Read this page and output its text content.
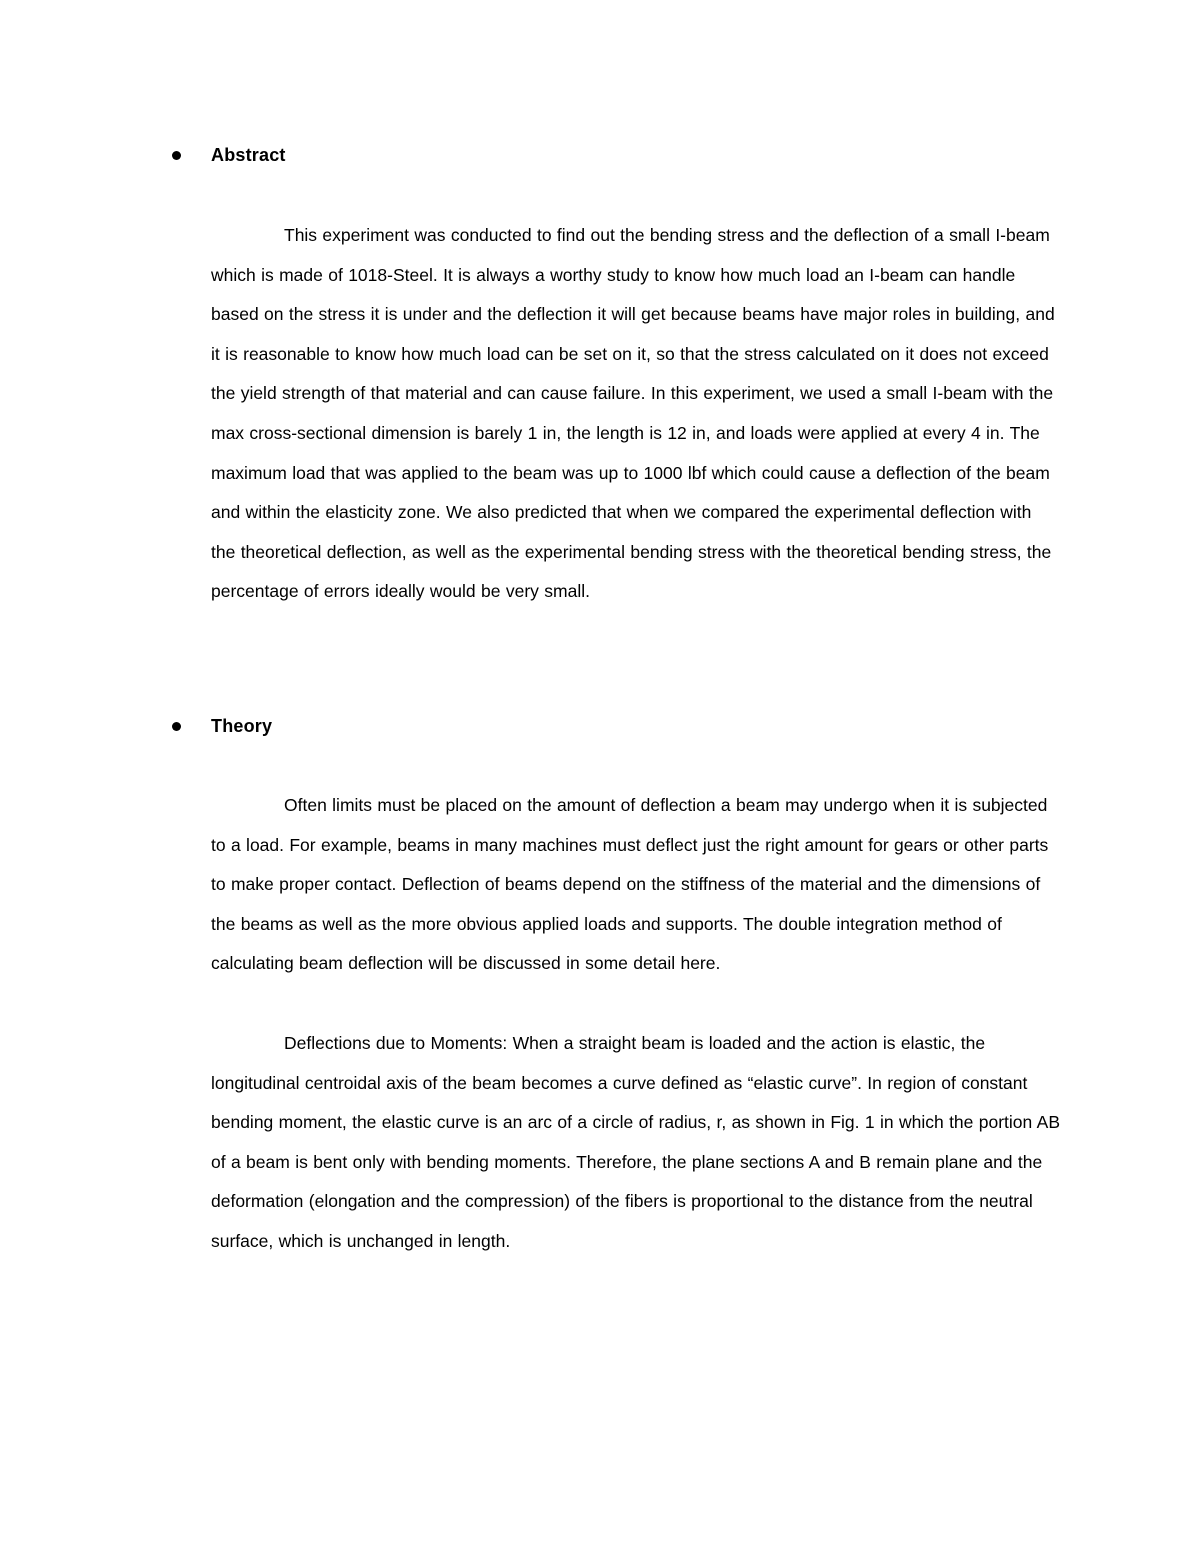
Abstract

This experiment was conducted to find out the bending stress and the deflection of a small I-beam which is made of 1018-Steel. It is always a worthy study to know how much load an I-beam can handle based on the stress it is under and the deflection it will get because beams have major roles in building, and it is reasonable to know how much load can be set on it, so that the stress calculated on it does not exceed the yield strength of that material and can cause failure. In this experiment, we used a small I-beam with the max cross-sectional dimension is barely 1 in, the length is 12 in, and loads were applied at every 4 in. The maximum load that was applied to the beam was up to 1000 lbf which could cause a deflection of the beam and within the elasticity zone. We also predicted that when we compared the experimental deflection with the theoretical deflection, as well as the experimental bending stress with the theoretical bending stress, the percentage of errors ideally would be very small.

Theory

Often limits must be placed on the amount of deflection a beam may undergo when it is subjected to a load. For example, beams in many machines must deflect just the right amount for gears or other parts to make proper contact. Deflection of beams depend on the stiffness of the material and the dimensions of the beams as well as the more obvious applied loads and supports. The double integration method of calculating beam deflection will be discussed in some detail here.

Deflections due to Moments: When a straight beam is loaded and the action is elastic, the longitudinal centroidal axis of the beam becomes a curve defined as “elastic curve”. In region of constant bending moment, the elastic curve is an arc of a circle of radius, r, as shown in Fig. 1 in which the portion AB of a beam is bent only with bending moments. Therefore, the plane sections A and B remain plane and the deformation (elongation and the compression) of the fibers is proportional to the distance from the neutral surface, which is unchanged in length.
